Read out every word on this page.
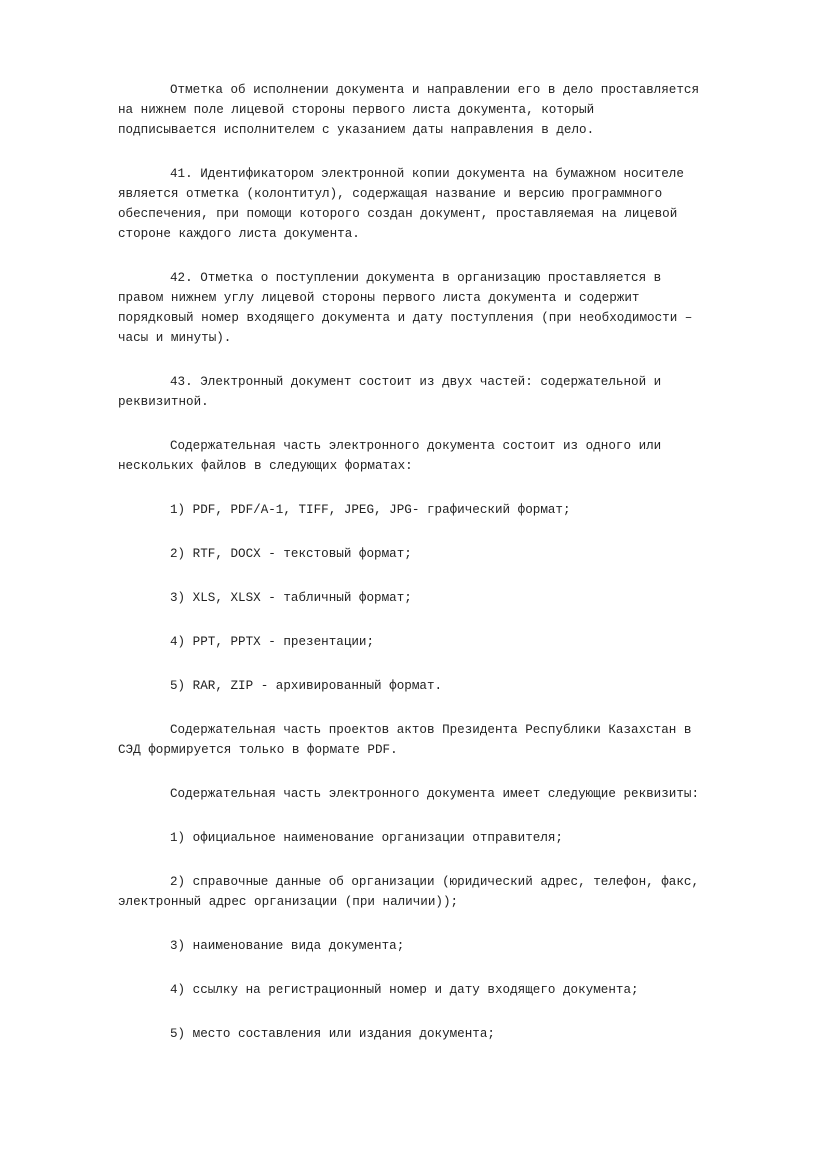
Отметка об исполнении документа и направлении его в дело проставляется
на нижнем поле лицевой стороны первого листа документа, который
подписывается исполнителем с указанием даты направления в дело.

41. Идентификатором электронной копии документа на бумажном носителе
является отметка (колонтитул), содержащая название и версию программного
обеспечения, при помощи которого создан документ, проставляемая на лицевой
стороне каждого листа документа.

42. Отметка о поступлении документа в организацию проставляется в
правом нижнем углу лицевой стороны первого листа документа и содержит
порядковый номер входящего документа и дату поступления (при необходимости –
часы и минуты).

43. Электронный документ состоит из двух частей: содержательной и
реквизитной.

Содержательная часть электронного документа состоит из одного или
нескольких файлов в следующих форматах:

1) PDF, PDF/A-1, TIFF, JPEG, JPG- графический формат;

2) RTF, DOCX - текстовый формат;

3) XLS, XLSX - табличный формат;

4) PPT, PPTX - презентации;

5) RAR, ZIP - архивированный формат.

Содержательная часть проектов актов Президента Республики Казахстан в
СЭД формируется только в формате PDF.

Содержательная часть электронного документа имеет следующие реквизиты:

1) официальное наименование организации отправителя;

2) справочные данные об организации (юридический адрес, телефон, факс,
электронный адрес организации (при наличии));

3) наименование вида документа;

4) ссылку на регистрационный номер и дату входящего документа;

5) место составления или издания документа;
